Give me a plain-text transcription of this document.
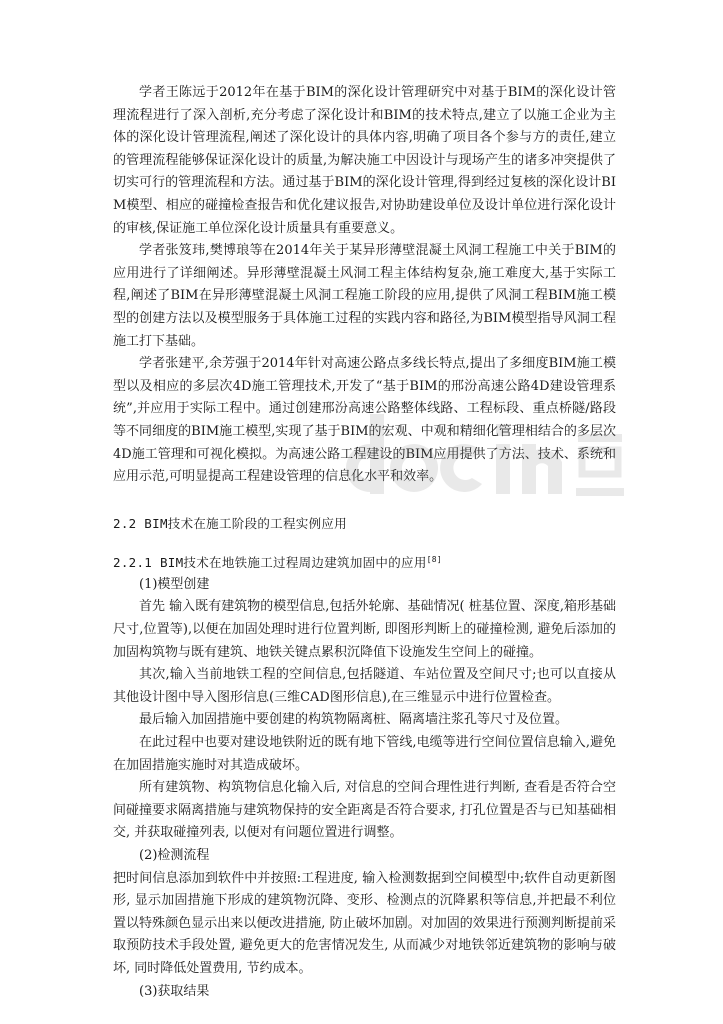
学者王陈远于2012年在基于BIM的深化设计管理研究中对基于BIM的深化设计管理流程进行了深入剖析,充分考虑了深化设计和BIM的技术特点,建立了以施工企业为主体的深化设计管理流程,阐述了深化设计的具体内容,明确了项目各个参与方的责任,建立的管理流程能够保证深化设计的质量,为解决施工中因设计与现场产生的诸多冲突提供了切实可行的管理流程和方法。通过基于BIM的深化设计管理,得到经过复核的深化设计BIM模型、相应的碰撞检查报告和优化建议报告,对协助建设单位及设计单位进行深化设计的审核,保证施工单位深化设计质量具有重要意义。

学者张笈玮,樊博琅等在2014年关于某异形薄壁混凝土风洞工程施工中关于BIM的应用进行了详细阐述。异形薄壁混凝土风洞工程主体结构复杂,施工难度大,基于实际工程,阐述了BIM在异形薄壁混凝土风洞工程施工阶段的应用,提供了风洞工程BIM施工模型的创建方法以及模型服务于具体施工过程的实践内容和路径,为BIM模型指导风洞工程施工打下基础。

学者张建平,余芳强于2014年针对高速公路点多线长特点,提出了多细度BIM施工模型以及相应的多层次4D施工管理技术,开发了“基于BIM的邢汾高速公路4D建设管理系统”,并应用于实际工程中。通过创建邢汾高速公路整体线路、工程标段、重点桥隧/路段等不同细度的BIM施工模型,实现了基于BIM的宏观、中观和精细化管理相结合的多层次4D施工管理和可视化模拟。为高速公路工程建设的BIM应用提供了方法、技术、系统和应用示范,可明显提高工程建设管理的信息化水平和效率。

2.2 BIM技术在施工阶段的工程实例应用
2.2.1 BIM技术在地铁施工过程周边建筑加固中的应用[8]

(1)模型创建

首先 输入既有建筑物的模型信息,包括外轮廓、基础情况( 桩基位置、深度,箱形基础尺寸,位置等),以便在加固处理时进行位置判断, 即图形判断上的碰撞检测, 避免后添加的加固构筑物与既有建筑、地铁关键点累积沉降值下设施发生空间上的碰撞。

其次,输入当前地铁工程的空间信息,包括隧道、车站位置及空间尺寸;也可以直接从其他设计图中导入图形信息(三维CAD图形信息),在三维显示中进行位置检查。

最后输入加固措施中要创建的构筑物隔离桩、隔离墙注浆孔等尺寸及位置。

在此过程中也要对建设地铁附近的既有地下管线,电缆等进行空间位置信息输入,避免在加固措施实施时对其造成破坏。

所有建筑物、构筑物信息化输入后, 对信息的空间合理性进行判断, 查看是否符合空间碰撞要求隔离措施与建筑物保持的安全距离是否符合要求, 打孔位置是否与已知基础相交, 并获取碰撞列表, 以便对有问题位置进行调整。

(2)检测流程

把时间信息添加到软件中并按照:工程进度, 输入检测数据到空间模型中;软件自动更新图形, 显示加固措施下形成的建筑物沉降、变形、检测点的沉降累积等信息,并把最不利位置以特殊颜色显示出来以便改进措施, 防止破坏加剧。对加固的效果进行预测判断提前采取预防技术手段处置, 避免更大的危害情况发生, 从而减少对地铁邻近建筑物的影响与破坏, 同时降低处置费用, 节约成本。

(3)获取结果
